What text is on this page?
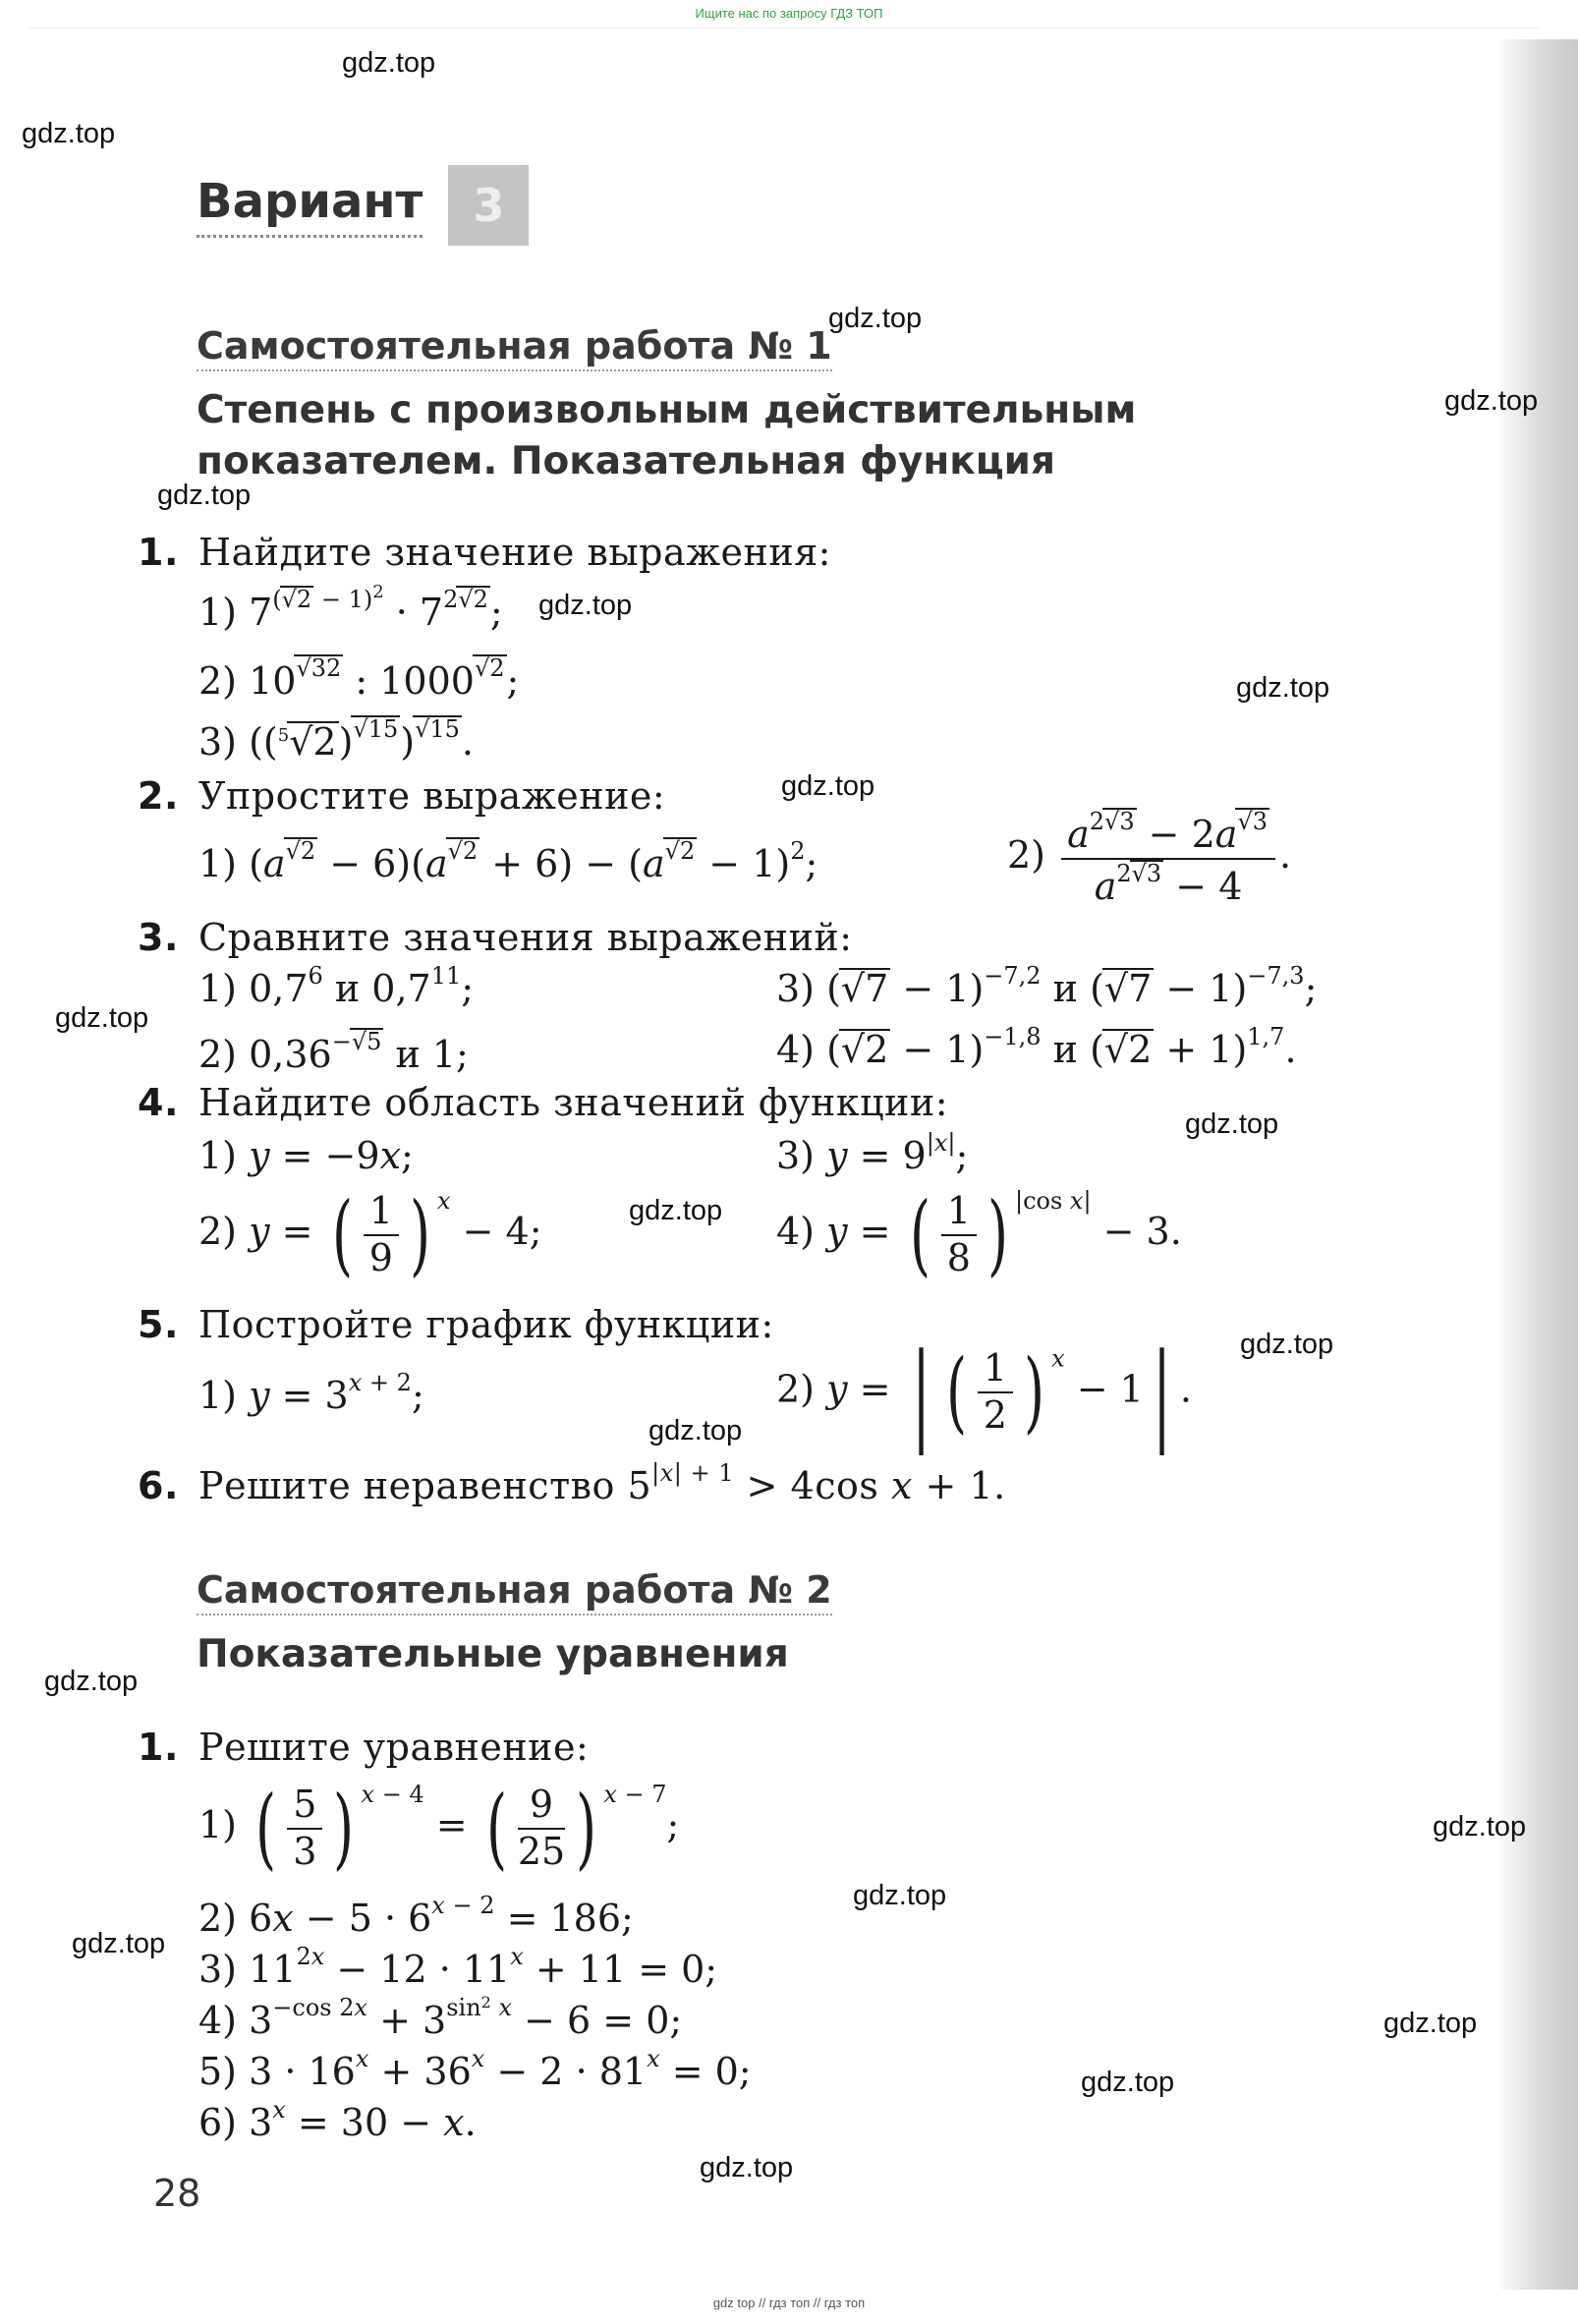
Ищите нас по запросу ГДЗ ТОП
gdz.top
gdz.top
gdz.top
gdz.top
gdz.top
gdz.top
gdz.top
gdz.top
gdz.top
gdz.top
gdz.top
gdz.top
gdz.top
gdz.top
gdz.top
gdz.top
gdz.top
gdz.top
gdz.top
gdz.top
Вариант 3
Самостоятельная работа № 1
Степень с произвольным действительным
показателем. Показательная функция
1. Найдите значение выражения:
1) $7^{(√2 - 1)^2} \cdot 7^{2√2}$;
2) $10^{√32}$ : $1000^{√2}$;
3) $((^5√2)^{√15})^{√15}$.
2. Упростите выражение:
1) $(a^{√2} - 6)(a^{√2} + 6) - (a^{√2} - 1)^2$;	$2) \frac{a^{2√3} - 2a^{√3}}{a^{2√3} - 4}$ .
3. Сравните значения выражений:
1) $0,7^6$ и $0,7^{11}$;	3) $(√7 - 1)^{-7,2}$ и $(√7 - 1)^{-7,3}$;
2) $0,36^{-√5}$ и 1;	4) $(√2 - 1)^{-1,8}$ и $(√2 + 1)^{1,7}$.
4. Найдите область значений функции:
1) y = −9x;	3) $y = 9^{|x|}$;
2) y = ( $\frac{1}{9}$ ) $^x$ − 4;	4) y = ( $\frac{1}{8}$ ) $^{|cos x|}$ − 3.
5. Постройте график функции:
1) $y = 3^{x + 2}$;	2) y = | ( $\frac{1}{2}$ ) $^x$ − 1| .
6. Решите неравенство $5^{|x| + 1} > 4\cos$ x + 1.
Самостоятельная работа № 2
Показательные уравнения
1. Решите уравнение:
1) ( $\frac{5}{3}$ ) $^{x - 4}$ = ( $\frac{9}{25}$ ) $^{x - 7}$;
2) $6x - 5 \cdot 6^{x - 2} = 186$;
3) $11^{2x} - 12 \cdot 11^x + 11 = 0$;
4) $3^{-cos 2x} + 3^{sin^2 x} - 6 = 0$;
5) $3 \cdot 16^x + 36^x - 2 \cdot 81^x = 0$;
6) $3^x = 30 - x$.
28
gdz top // гдз топ // гдз топ
